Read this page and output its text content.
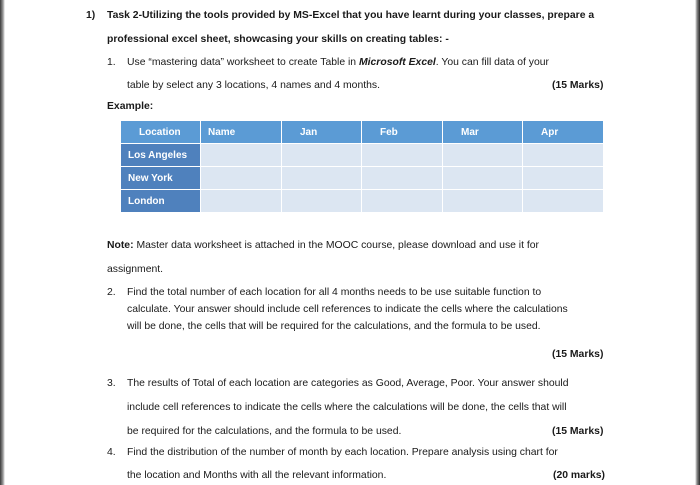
1) Task 2-Utilizing the tools provided by MS-Excel that you have learnt during your classes, prepare a
professional excel sheet, showcasing your skills on creating tables: -
1. Use “mastering data” worksheet to create Table in Microsoft Excel. You can fill data of your
table by select any 3 locations, 4 names and 4 months.	(15 Marks)
Example:
Location	Name	Jan	Feb	Mar	Apr
Los Angeles					
New York					
London					
Note: Master data worksheet is attached in the MOOC course, please download and use it for
assignment.
2. Find the total number of each location for all 4 months needs to be use suitable function to
calculate. Your answer should include cell references to indicate the cells where the calculations
will be done, the cells that will be required for the calculations, and the formula to be used.
(15 Marks)
3. The results of Total of each location are categories as Good, Average, Poor. Your answer should
include cell references to indicate the cells where the calculations will be done, the cells that will
be required for the calculations, and the formula to be used.	(15 Marks)
4. Find the distribution of the number of month by each location. Prepare analysis using chart for
the location and Months with all the relevant information.	(20 marks)
